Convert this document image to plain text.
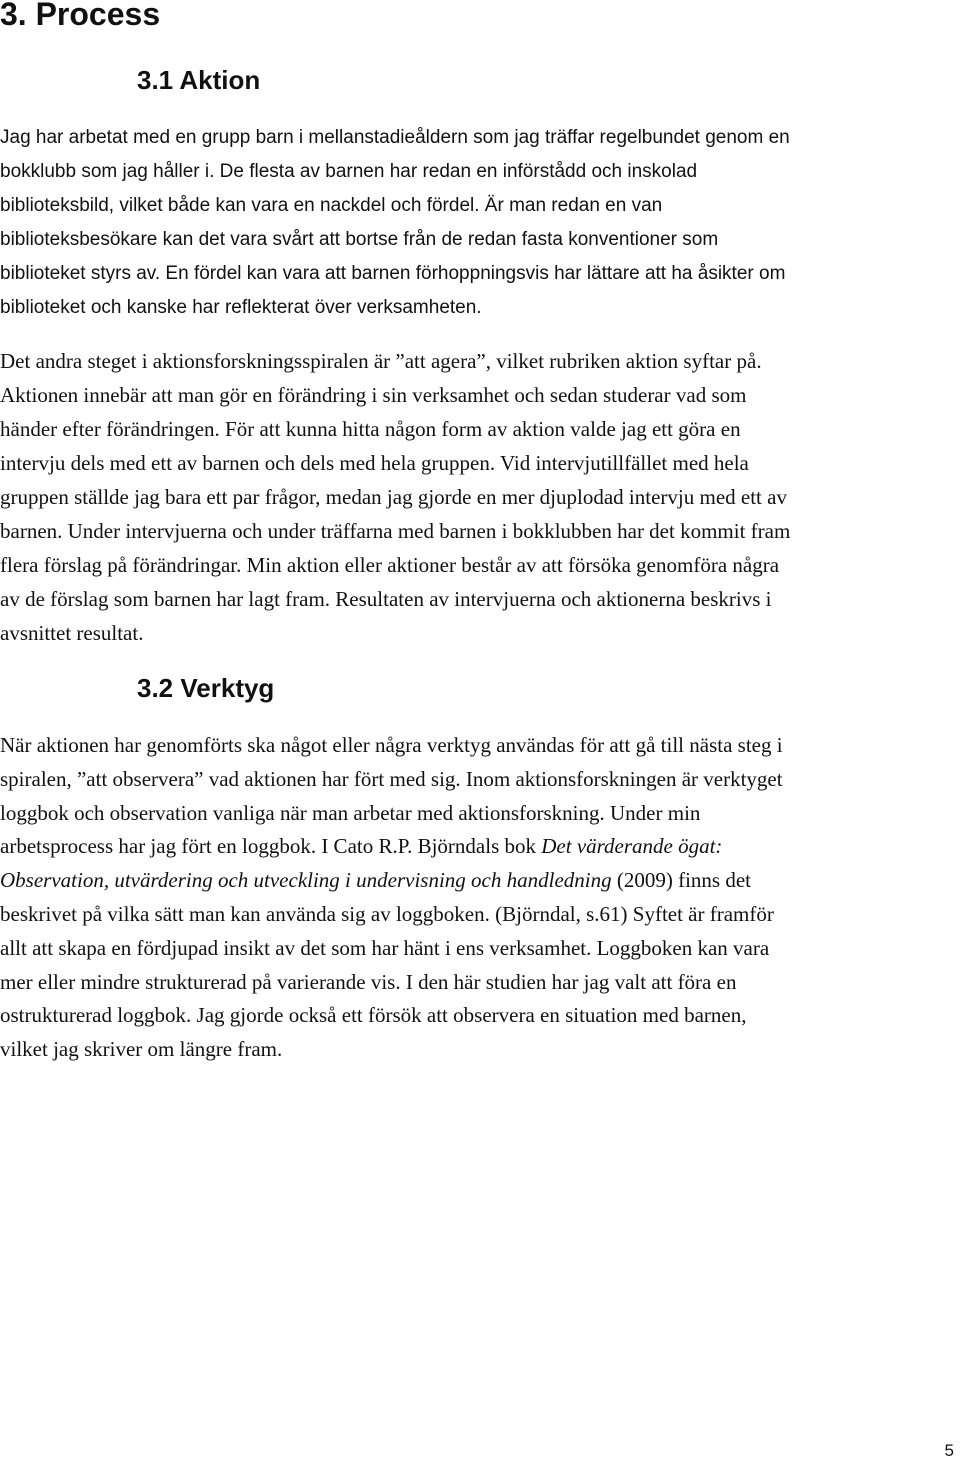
3. Process
3.1 Aktion
Jag har arbetat med en grupp barn i mellanstadieåldern som jag träffar regelbundet genom en
bokklubb som jag håller i. De flesta av barnen har redan en införstådd och inskolad
biblioteksbild, vilket både kan vara en nackdel och fördel. Är man redan en van
biblioteksbesökare kan det vara svårt att bortse från de redan fasta konventioner som
biblioteket styrs av. En fördel kan vara att barnen förhoppningsvis har lättare att ha åsikter om
biblioteket och kanske har reflekterat över verksamheten.
Det andra steget i aktionsforskningsspiralen är ”att agera”, vilket rubriken aktion syftar på.
Aktionen innebär att man gör en förändring i sin verksamhet och sedan studerar vad som
händer efter förändringen. För att kunna hitta någon form av aktion valde jag ett göra en
intervju dels med ett av barnen och dels med hela gruppen. Vid intervjutillfället med hela
gruppen ställde jag bara ett par frågor, medan jag gjorde en mer djuplodad intervju med ett av
barnen. Under intervjuerna och under träffarna med barnen i bokklubben har det kommit fram
flera förslag på förändringar. Min aktion eller aktioner består av att försöka genomföra några
av de förslag som barnen har lagt fram. Resultaten av intervjuerna och aktionerna beskrivs i
avsnittet resultat.
3.2 Verktyg
När aktionen har genomförts ska något eller några verktyg användas för att gå till nästa steg i
spiralen, ”att observera” vad aktionen har fört med sig. Inom aktionsforskningen är verktyget
loggbok och observation vanliga när man arbetar med aktionsforskning. Under min
arbetsprocess har jag fört en loggbok. I Cato R.P. Björndals bok Det värderande ögat:
Observation, utvärdering och utveckling i undervisning och handledning (2009) finns det
beskrivet på vilka sätt man kan använda sig av loggboken. (Björndal, s.61) Syftet är framför
allt att skapa en fördjupad insikt av det som har hänt i ens verksamhet. Loggboken kan vara
mer eller mindre strukturerad på varierande vis. I den här studien har jag valt att föra en
ostrukturerad loggbok. Jag gjorde också ett försök att observera en situation med barnen,
vilket jag skriver om längre fram.
5
